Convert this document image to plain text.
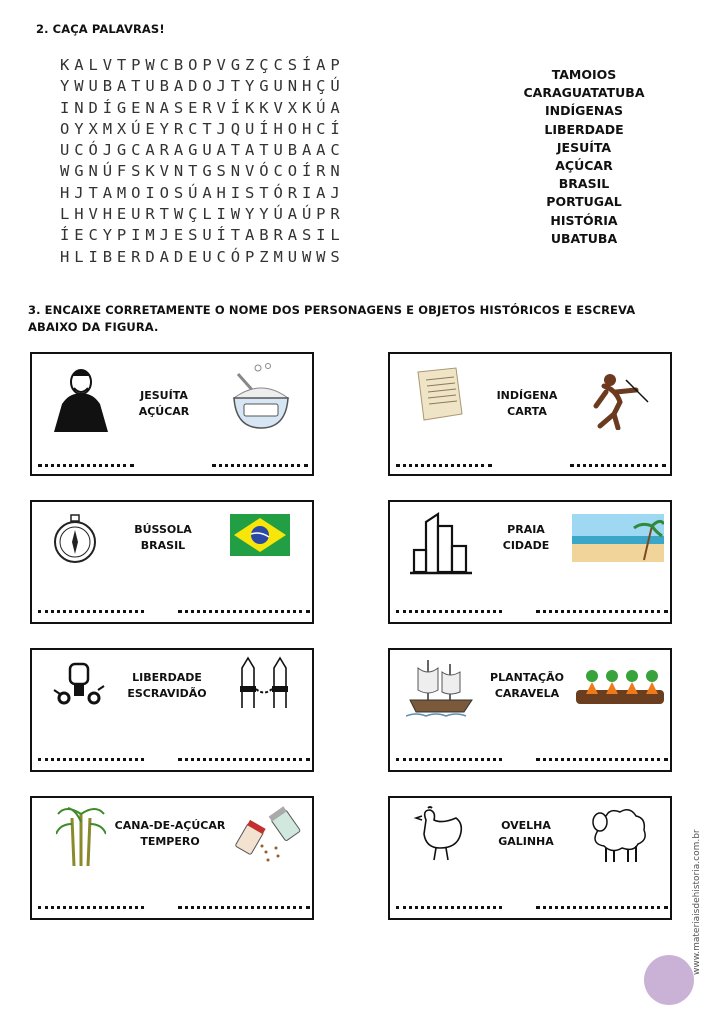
2. CAÇA PALAVRAS!
KALVTPWCBOPVGZÇCSÍAP
YWUBATUBADOJTYGUNHÇÚ
INDÍGENASERVÍKKVXKÚA
OYXMXÚEYRCTJQUÍHOHCÍ
UCÓJGCARAGUATATUBAAC
WGNÚFSKVNTGSNVÓCOÍRN
HJTAMOIOSÚAHISTÓRIAJ
LHVHEURTWÇLIWYYÚAÚPR
ÍECYPIMJESUÍTABRASIL
HLIBERDADEUCÓPZMUWWS
TAMOIOS
CARAGUATATUBA
INDÍGENAS
LIBERDADE
JESUÍTA
AÇÚCAR
BRASIL
PORTUGAL
HISTÓRIA
UBATUBA
3. ENCAIXE CORRETAMENTE O NOME DOS PERSONAGENS E OBJETOS HISTÓRICOS E ESCREVA ABAIXO DA FIGURA.
JESUÍTA
AÇÚCAR
INDÍGENA
CARTA
BÚSSOLA
BRASIL
PRAIA
CIDADE
LIBERDADE
ESCRAVIDÃO
PLANTAÇÃO
CARAVELA
CANA-DE-AÇÚCAR
TEMPERO
OVELHA
GALINHA	www.materiaisdehistoria.com.br
